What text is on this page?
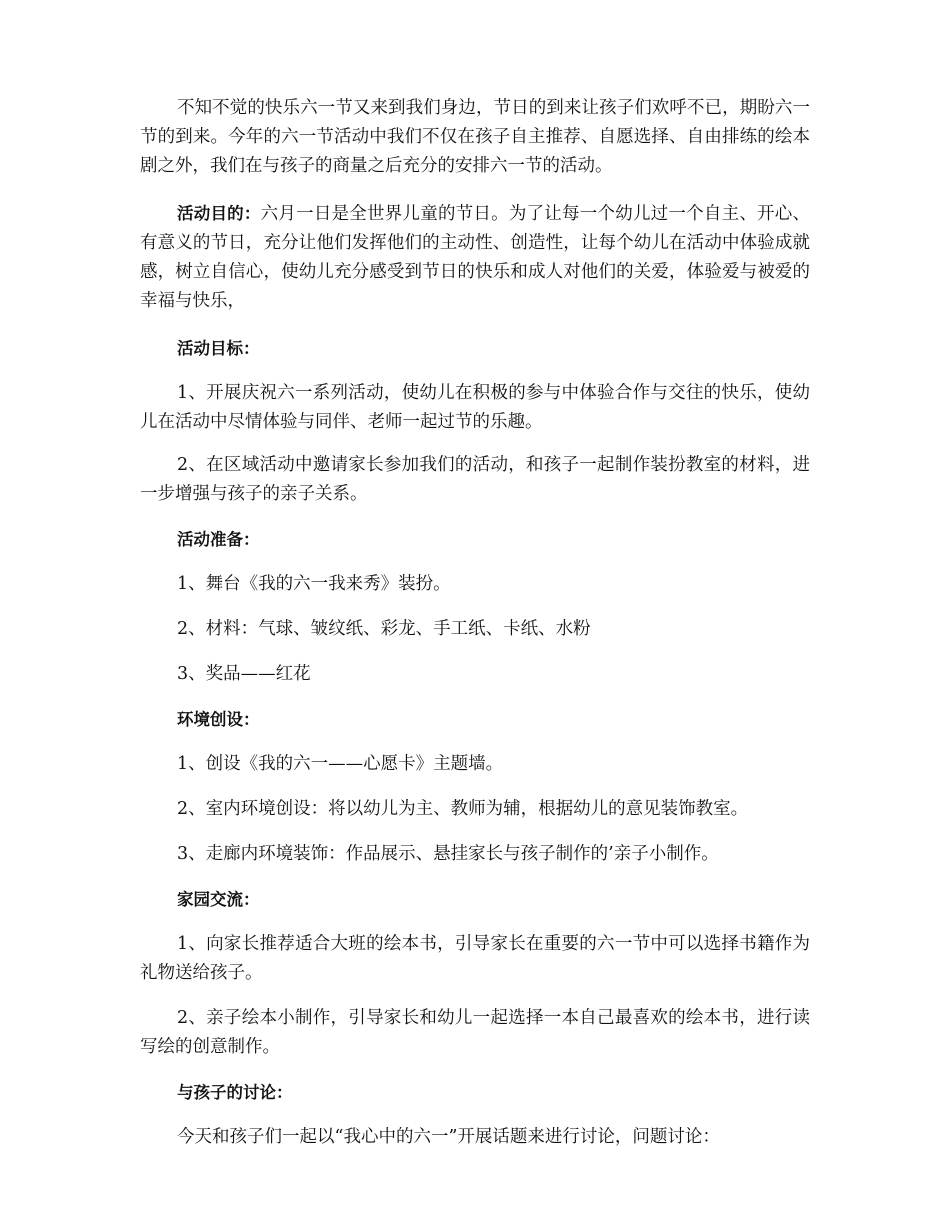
不知不觉的快乐六一节又来到我们身边，节日的到来让孩子们欢呼不已，期盼六一节的到来。今年的六一节活动中我们不仅在孩子自主推荐、自愿选择、自由排练的绘本剧之外，我们在与孩子的商量之后充分的安排六一节的活动。

活动目的：六月一日是全世界儿童的节日。为了让每一个幼儿过一个自主、开心、有意义的节日，充分让他们发挥他们的主动性、创造性，让每个幼儿在活动中体验成就感，树立自信心，使幼儿充分感受到节日的快乐和成人对他们的关爱，体验爱与被爱的幸福与快乐，

活动目标：

1、开展庆祝六一系列活动，使幼儿在积极的参与中体验合作与交往的快乐，使幼儿在活动中尽情体验与同伴、老师一起过节的乐趣。

2、在区域活动中邀请家长参加我们的活动，和孩子一起制作装扮教室的材料，进一步增强与孩子的亲子关系。

活动准备：

1、舞台《我的六一我来秀》装扮。

2、材料：气球、皱纹纸、彩龙、手工纸、卡纸、水粉

3、奖品——红花

环境创设：

1、创设《我的六一——心愿卡》主题墙。

2、室内环境创设：将以幼儿为主、教师为辅，根据幼儿的意见装饰教室。

3、走廊内环境装饰：作品展示、悬挂家长与孩子制作的’亲子小制作。

家园交流：

1、向家长推荐适合大班的绘本书，引导家长在重要的六一节中可以选择书籍作为礼物送给孩子。

2、亲子绘本小制作，引导家长和幼儿一起选择一本自己最喜欢的绘本书，进行读写绘的创意制作。

与孩子的讨论：

今天和孩子们一起以“我心中的六一”开展话题来进行讨论，问题讨论：
